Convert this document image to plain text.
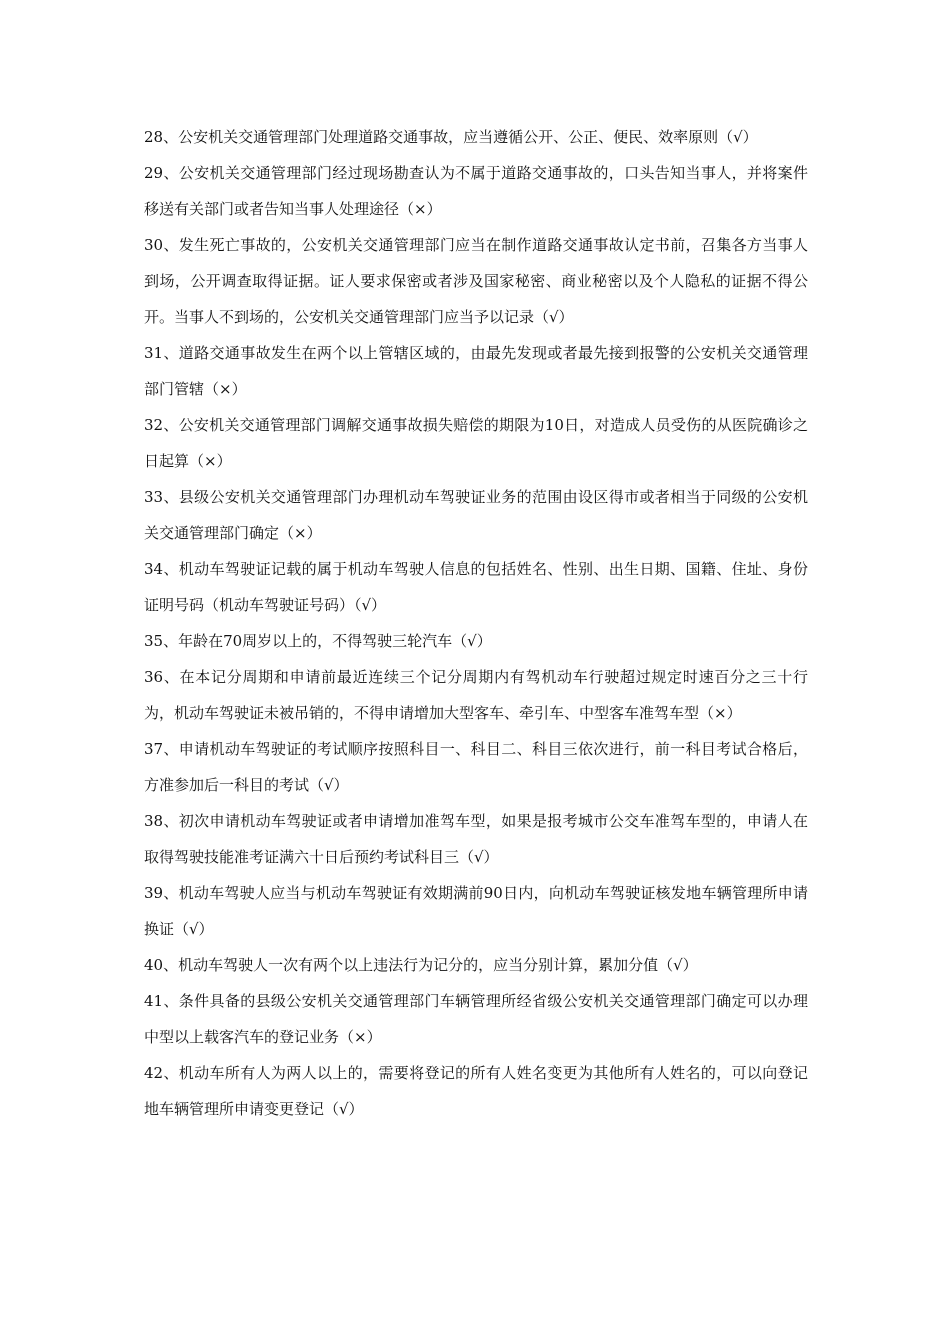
28、公安机关交通管理部门处理道路交通事故，应当遵循公开、公正、便民、效率原则（√）

29、公安机关交通管理部门经过现场勘查认为不属于道路交通事故的，口头告知当事人，并将案件移送有关部门或者告知当事人处理途径（×）

30、发生死亡事故的，公安机关交通管理部门应当在制作道路交通事故认定书前，召集各方当事人到场，公开调查取得证据。证人要求保密或者涉及国家秘密、商业秘密以及个人隐私的证据不得公开。当事人不到场的，公安机关交通管理部门应当予以记录（√）

31、道路交通事故发生在两个以上管辖区域的，由最先发现或者最先接到报警的公安机关交通管理部门管辖（×）

32、公安机关交通管理部门调解交通事故损失赔偿的期限为10日，对造成人员受伤的从医院确诊之日起算（×）

33、县级公安机关交通管理部门办理机动车驾驶证业务的范围由设区得市或者相当于同级的公安机关交通管理部门确定（×）

34、机动车驾驶证记载的属于机动车驾驶人信息的包括姓名、性别、出生日期、国籍、住址、身份证明号码（机动车驾驶证号码）（√）

35、年龄在70周岁以上的，不得驾驶三轮汽车（√）

36、在本记分周期和申请前最近连续三个记分周期内有驾机动车行驶超过规定时速百分之三十行为，机动车驾驶证未被吊销的，不得申请增加大型客车、牵引车、中型客车准驾车型（×）

37、申请机动车驾驶证的考试顺序按照科目一、科目二、科目三依次进行，前一科目考试合格后，方准参加后一科目的考试（√）

38、初次申请机动车驾驶证或者申请增加准驾车型，如果是报考城市公交车准驾车型的，申请人在取得驾驶技能准考证满六十日后预约考试科目三（√）

39、机动车驾驶人应当与机动车驾驶证有效期满前90日内，向机动车驾驶证核发地车辆管理所申请换证（√）

40、机动车驾驶人一次有两个以上违法行为记分的，应当分别计算，累加分值（√）

41、条件具备的县级公安机关交通管理部门车辆管理所经省级公安机关交通管理部门确定可以办理中型以上载客汽车的登记业务（×）

42、机动车所有人为两人以上的，需要将登记的所有人姓名变更为其他所有人姓名的，可以向登记地车辆管理所申请变更登记（√）
